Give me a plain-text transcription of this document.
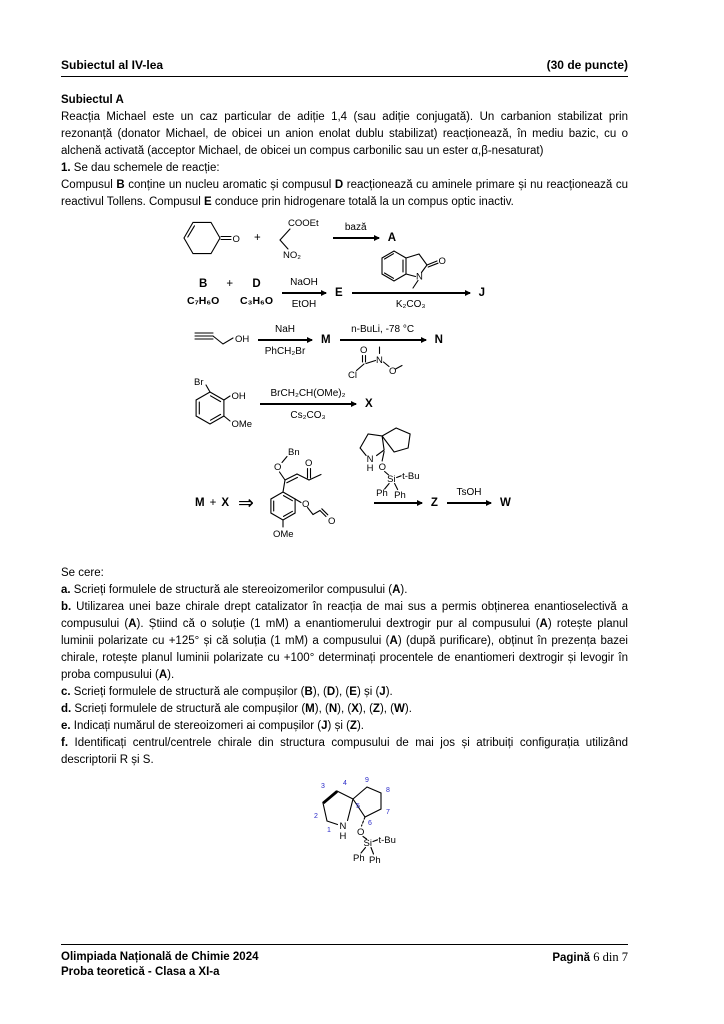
Subiectul al IV-lea	(30 de puncte)
Subiectul A

Reacția Michael este un caz particular de adiție 1,4 (sau adiție conjugată). Un carbanion stabilizat prin rezonanță (donator Michael, de obicei un anion enolat dublu stabilizat) reacționează, în mediu bazic, cu o alchenă activată (acceptor Michael, de obicei un compus carbonilic sau un ester α,β-nesaturat)

1. Se dau schemele de reacție:

Compusul B conține un nucleu aromatic și compusul D reacționează cu aminele primare și nu reacționează cu reactivul Tollens. Compusul E conduce prin hidrogenare totală la un compus optic inactiv.

O +
COOEt
NO₂
bază
A
B	+	D
C₇H₆O C₃H₆O
NaOH
EtOH
E
O
N
K₂CO₃
J
OH
NaH
PhCH₂Br
M
n-BuLi, -78 °C
O
Cl
N
O
N
Br
OH
OMe
BrCH₂CH(OMe)₂
Cs₂CO₃
X
M + X ⇒
Bn
O O
O
O
OMe
N
H O
Si t-Bu
Ph Ph
Z
TsOH
W

Se cere:

a. Scrieți formulele de structură ale stereoizomerilor compusului (A).

b. Utilizarea unei baze chirale drept catalizator în reacția de mai sus a permis obținerea enantioselectivă a compusului (A). Știind că o soluție (1 mM) a enantiomerului dextrogir pur al compusului (A) rotește planul luminii polarizate cu +125° și că soluția (1 mM) a compusului (A) (după purificare), obținut în prezența bazei chirale, rotește planul luminii polarizate cu +100° determinați procentele de enantiomeri dextrogir și levogir în proba compusului (A).

c. Scrieți formulele de structură ale compușilor (B), (D), (E) și (J).

d. Scrieți formulele de structură ale compușilor (M), (N), (X), (Z), (W).

e. Indicați numărul de stereoizomeri ai compușilor (J) și (Z).

f. Identificați centrul/centrele chirale din structura compusului de mai jos și atribuiți configurația utilizând descriptorii R și S.

N
H O
Si t-Bu
Ph Ph
1
2
3	4
5
6
7
8
9
Olimpiada Națională de Chimie 2024
Proba teoretică - Clasa a XI-a
Pagină 6 din 7
